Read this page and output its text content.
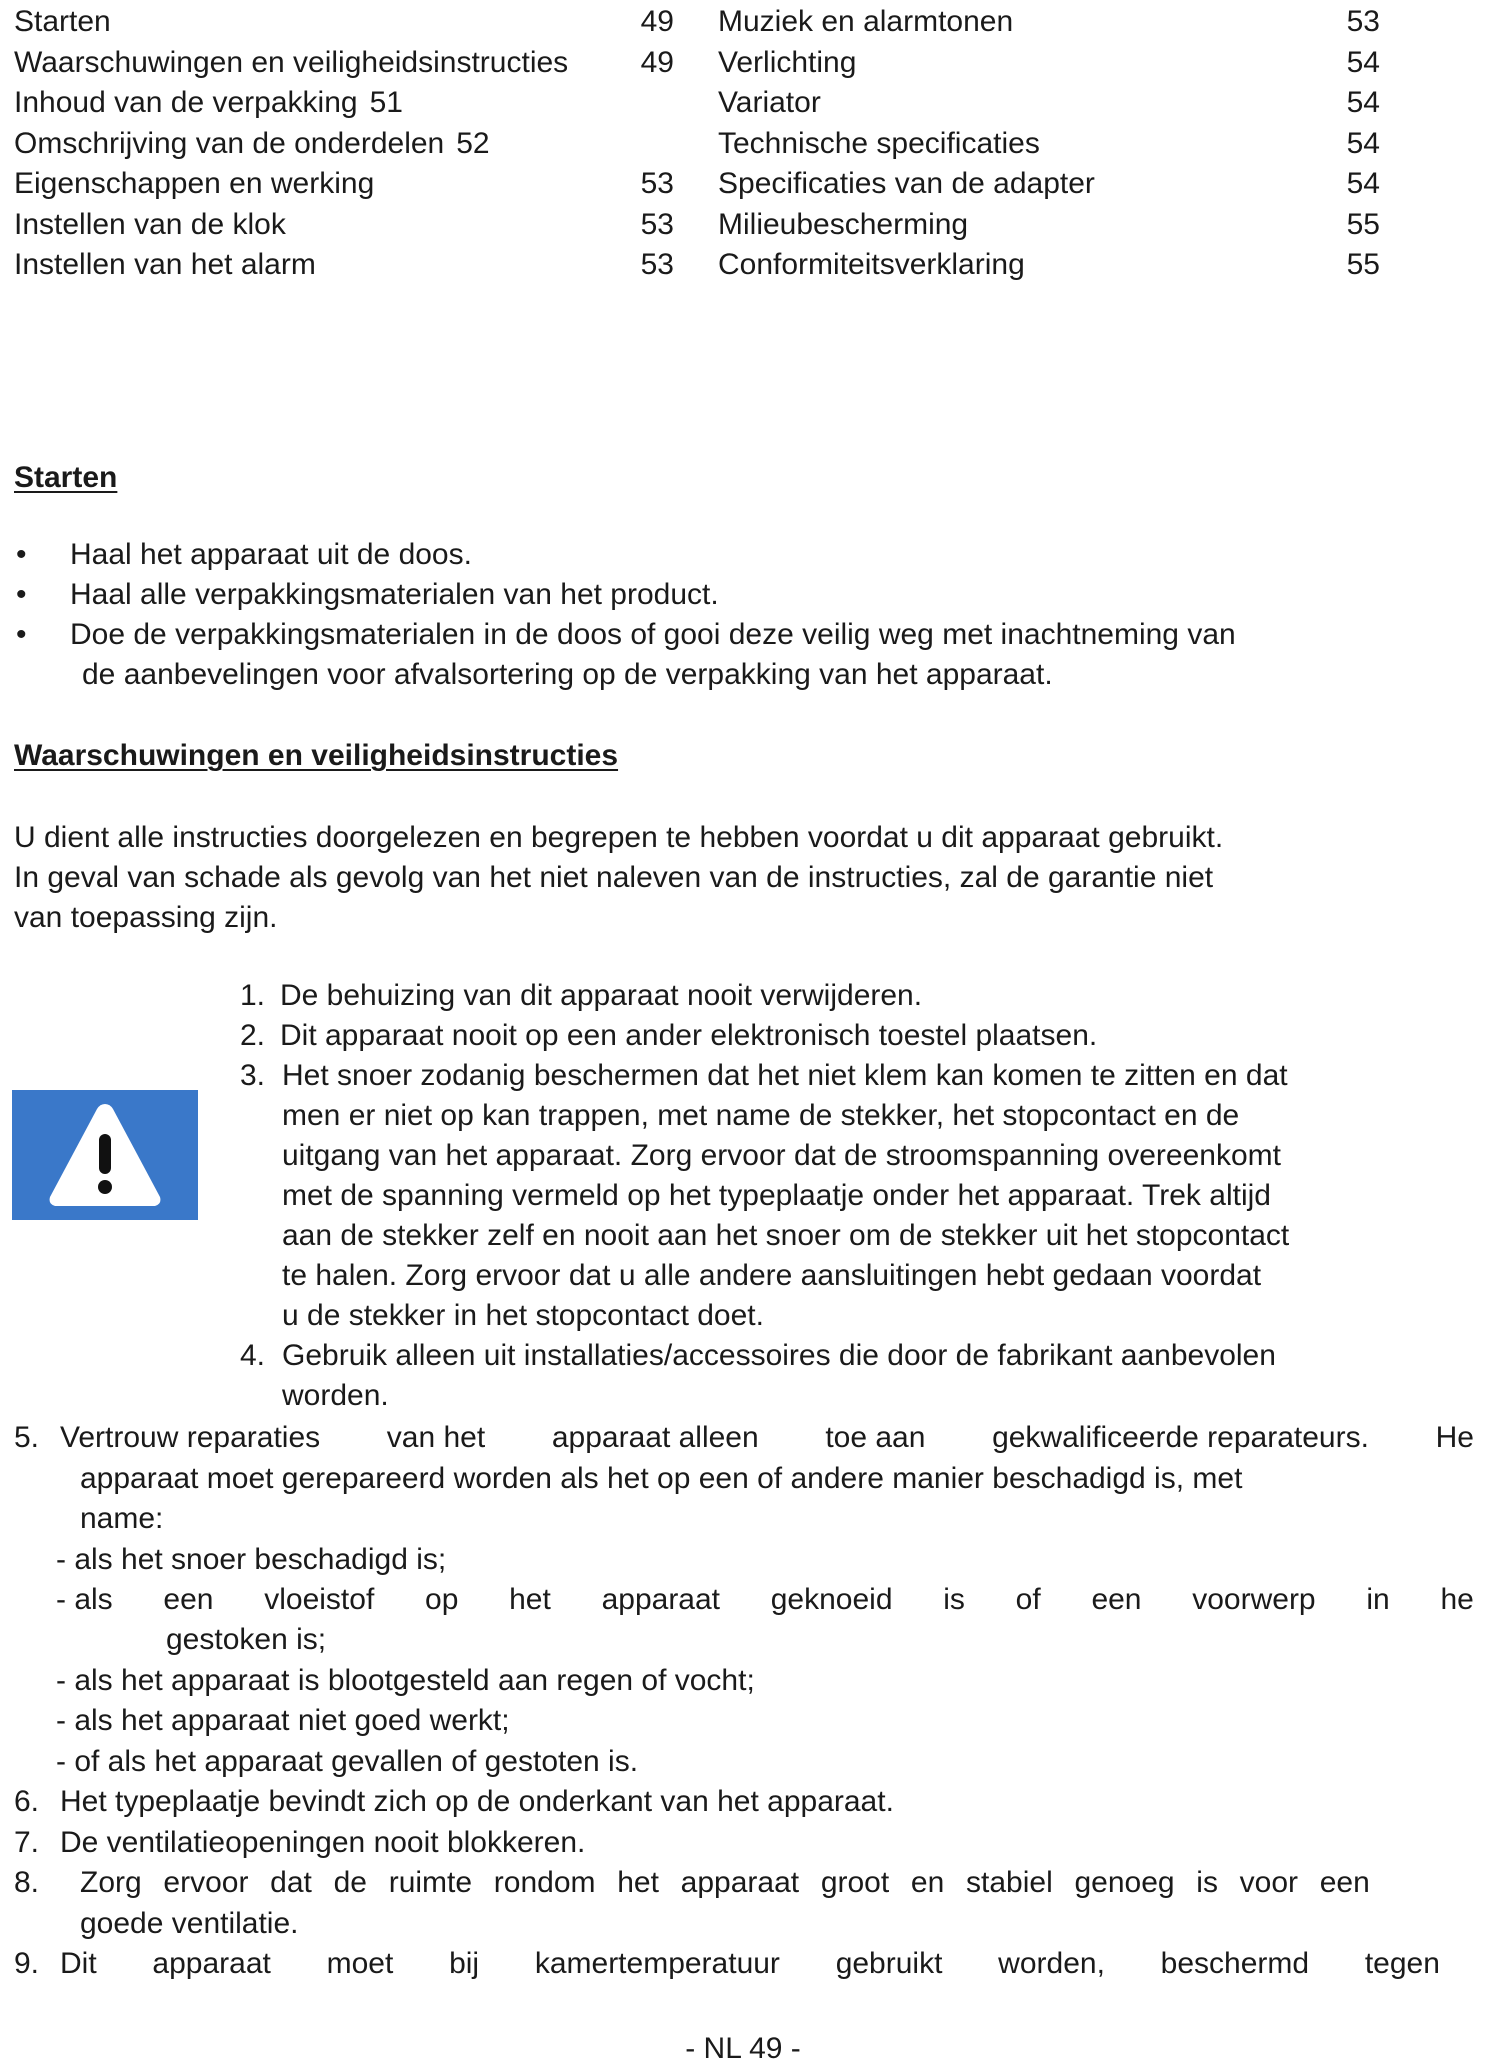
Starten	49
Waarschuwingen en veiligheidsinstructies 49
Inhoud van de verpakking 51
Omschrijving van de onderdelen 52
Eigenschappen en werking	53
Instellen van de klok	53
Instellen van het alarm	53
Muziek en alarmtonen	53
Verlichting	54
Variator	54
Technische specificaties	54
Specificaties van de adapter	54
Milieubescherming	55
Conformiteitsverklaring	55
Starten
• Haal het apparaat uit de doos.
• Haal alle verpakkingsmaterialen van het product.
• Doe de verpakkingsmaterialen in de doos of gooi deze veilig weg met inachtneming van
de aanbevelingen voor afvalsortering op de verpakking van het apparaat.
Waarschuwingen en veiligheidsinstructies
U dient alle instructies doorgelezen en begrepen te hebben voordat u dit apparaat gebruikt.
In geval van schade als gevolg van het niet naleven van de instructies, zal de garantie niet
van toepassing zijn.
1. De behuizing van dit apparaat nooit verwijderen.
2. Dit apparaat nooit op een ander elektronisch toestel plaatsen.
3. Het snoer zodanig beschermen dat het niet klem kan komen te zitten en dat
men er niet op kan trappen, met name de stekker, het stopcontact en de
uitgang van het apparaat. Zorg ervoor dat de stroomspanning overeenkomt
met de spanning vermeld op het typeplaatje onder het apparaat. Trek altijd
aan de stekker zelf en nooit aan het snoer om de stekker uit het stopcontact
te halen. Zorg ervoor dat u alle andere aansluitingen hebt gedaan voordat
u de stekker in het stopcontact doet.
4. Gebruik alleen uit installaties/accessoires die door de fabrikant aanbevolen
worden.
5. Vertrouw reparaties van het apparaat alleen toe aan gekwalificeerde reparateurs. He
apparaat moet gerepareerd worden als het op een of andere manier beschadigd is, met
name:
- als het snoer beschadigd is;
- als een vloeistof op het apparaat geknoeid is of een voorwerp in he
gestoken is;
- als het apparaat is blootgesteld aan regen of vocht;
- als het apparaat niet goed werkt;
- of als het apparaat gevallen of gestoten is.
6. Het typeplaatje bevindt zich op de onderkant van het apparaat.
7. De ventilatieopeningen nooit blokkeren.
8. Zorg ervoor dat de ruimte rondom het apparaat groot en stabiel genoeg is voor een
goede ventilatie.
9. Dit apparaat moet bij kamertemperatuur gebruikt worden, beschermd tegen
- NL 49 -
